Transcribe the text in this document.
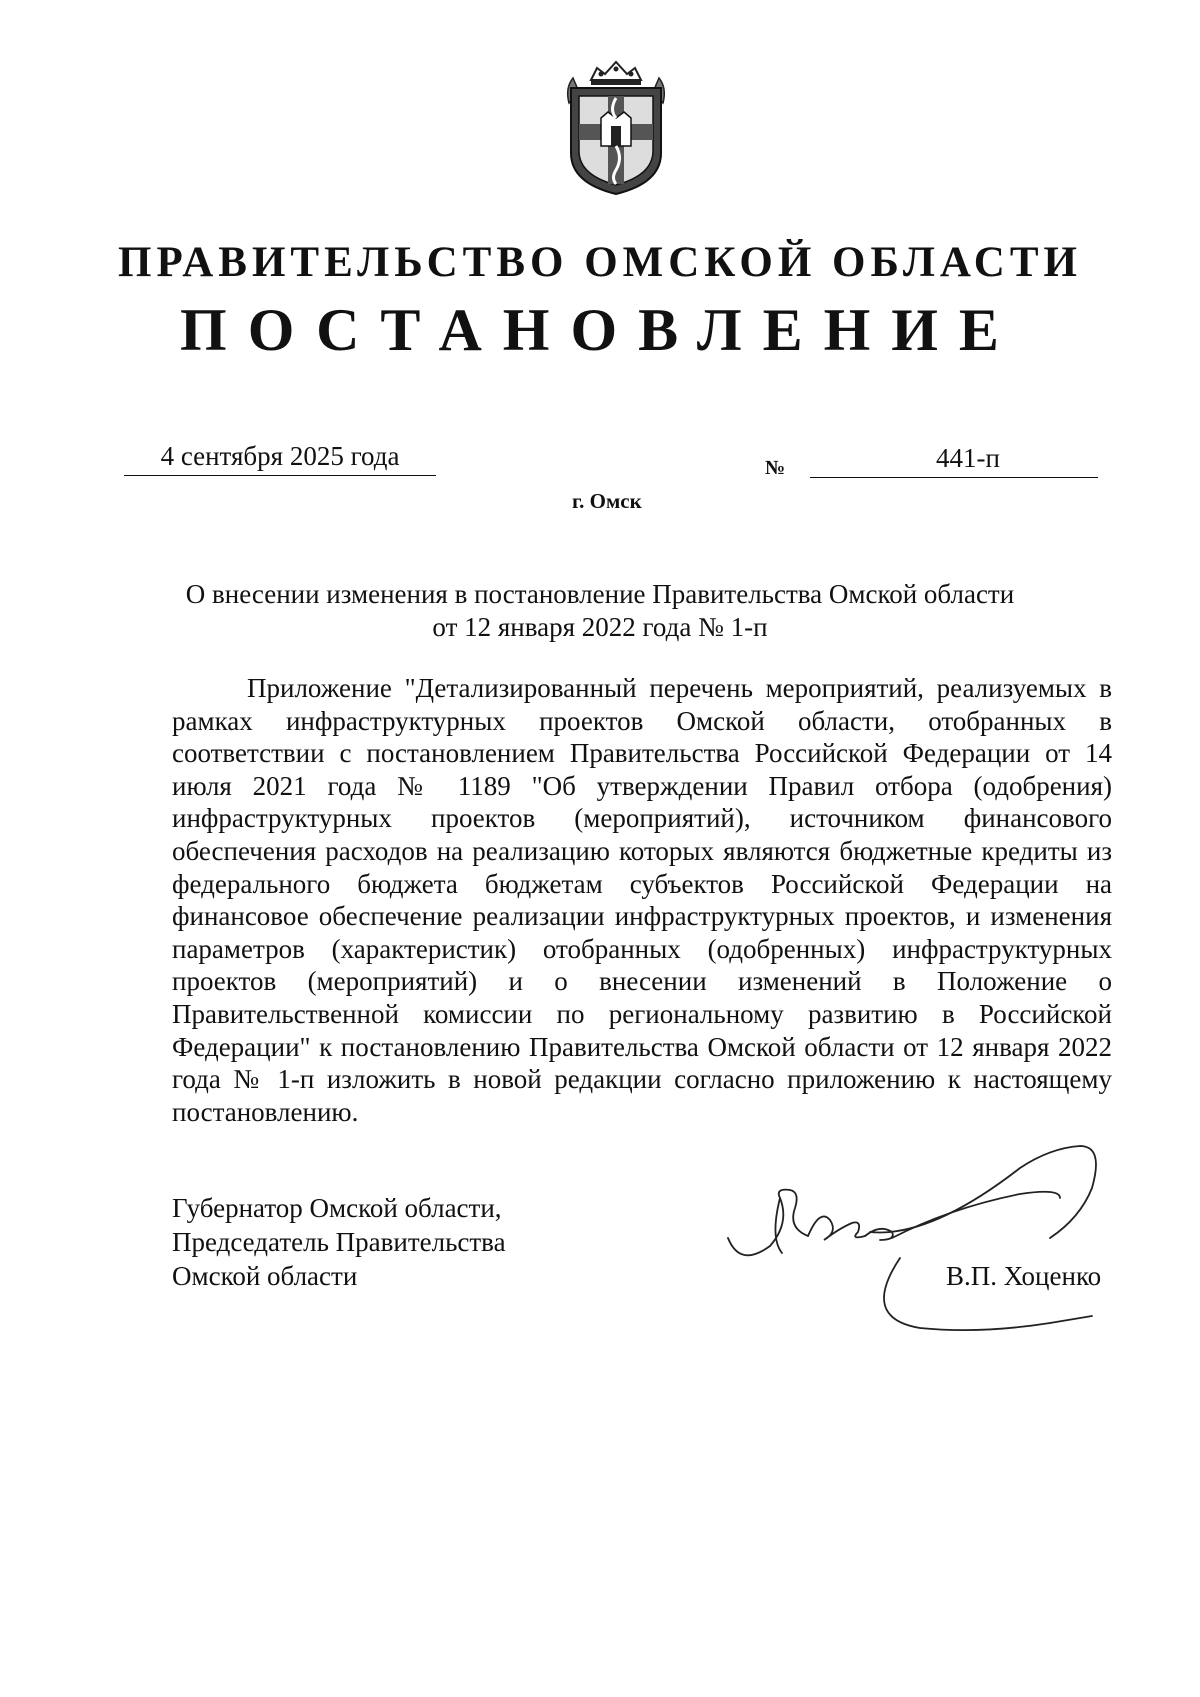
ПРАВИТЕЛЬСТВО ОМСКОЙ ОБЛАСТИ
ПОСТАНОВЛЕНИЕ
4 сентября 2025 года	№	441-п
г. Омск
О внесении изменения в постановление Правительства Омской области
от 12 января 2022 года № 1-п

Приложение "Детализированный перечень мероприятий, реализуемых в рамках инфраструктурных проектов Омской области, отобранных в соответствии с постановлением Правительства Российской Федерации от 14 июля 2021 года № 1189 "Об утверждении Правил отбора (одобрения) инфраструктурных проектов (мероприятий), источником финансового обеспечения расходов на реализацию которых являются бюджетные кредиты из федерального бюджета бюджетам субъектов Российской Федерации на финансовое обеспечение реализации инфраструктурных проектов, и изменения параметров (характеристик) отобранных (одобренных) инфраструктурных проектов (мероприятий) и о внесении изменений в Положение о Правительственной комиссии по региональному развитию в Российской Федерации" к постановлению Правительства Омской области от 12 января 2022 года № 1-п изложить в новой редакции согласно приложению к настоящему постановлению.

Губернатор Омской области,
Председатель Правительства
Омской области	В.П. Хоценко
